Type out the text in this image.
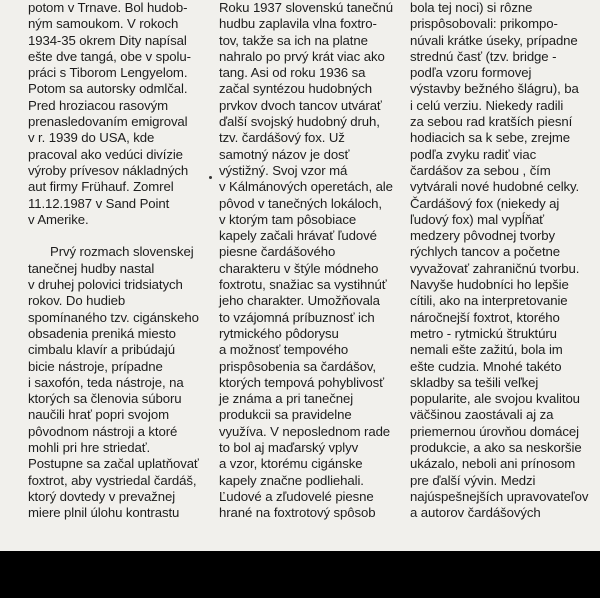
potom v Trnave. Bol hudob-

ným samoukom. V rokoch

1934-35 okrem Dity napísal

ešte dve tangá, obe v spolu-

práci s Tiborom Lengyelom.

Potom sa autorsky odmlčal.

Pred hroziacou rasovým

prenasledovaním emigroval

v r. 1939 do USA, kde

pracoval ako vedúci divízie

výroby prívesov nákladných

aut firmy Frühauf. Zomrel

11.12.1987 v Sand Point

v Amerike.

Prvý rozmach slovenskej

tanečnej hudby nastal

v druhej polovici tridsiatych

rokov. Do hudieb

spomínaného tzv. cigánskeho

obsadenia preniká miesto

cimbalu klavír a pribúdajú

bicie nástroje, prípadne

i saxofón, teda nástroje, na

ktorých sa členovia súboru

naučili hrať popri svojom

pôvodnom nástroji a ktoré

mohli pri hre striedať.

Postupne sa začal uplatňovať

foxtrot, aby vystriedal čardáš,

ktorý dovtedy v prevažnej

miere plnil úlohu kontrastu

Roku 1937 slovenskú tanečnú

hudbu zaplavila vlna foxtro-

tov, takže sa ich na platne

nahralo po prvý krát viac ako

tang. Asi od roku 1936 sa

začal syntézou hudobných

prvkov dvoch tancov utvárať

ďalší svojský hudobný druh,

tzv. čardášový fox. Už

samotný názov je dosť

výstižný. Svoj vzor má

v Kálmánových operetách, ale

pôvod v tanečných lokáloch,

v ktorým tam pôsobiace

kapely začali hrávať ľudové

piesne čardášového

charakteru v štýle módneho

foxtrotu, snažiac sa vystihnúť

jeho charakter. Umožňovala

to vzájomná príbuznosť ich

rytmického pôdorysu

a možnosť tempového

prispôsobenia sa čardášov,

ktorých tempová pohyblivosť

je známa a pri tanečnej

produkcii sa pravidelne

využíva. V neposlednom rade

to bol aj maďarský vplyv

a vzor, ktorému cigánske

kapely značne podliehali.

Ľudové a zľudovelé piesne

hrané na foxtrotový spôsob

bola tej noci) si rôzne

prispôsobovali: prikompo-

núvali krátke úseky, prípadne

strednú časť (tzv. bridge -

podľa vzoru formovej

výstavby bežného šlágru), ba

i celú verziu. Niekedy radili

za sebou rad kratších piesní

hodiacich sa k sebe, zrejme

podľa zvyku radiť viac

čardášov za sebou , čím

vytvárali nové hudobné celky.

Čardášový fox (niekedy aj

ľudový fox) mal vypĺňať

medzery pôvodnej tvorby

rýchlych tancov a početne

vyvažovať zahraničnú tvorbu.

Navyše hudobníci ho lepšie

cítili, ako na interpretovanie

náročnejší foxtrot, ktorého

metro - rytmickú štruktúru

nemali ešte zažitú, bola im

ešte cudzia. Mnohé takéto

skladby sa tešili veľkej

popularite, ale svojou kvalitou

väčšinou zaostávali aj za

priemernou úrovňou domácej

produkcie, a ako sa neskoršie

ukázalo, neboli ani prínosom

pre ďalší vývin. Medzi

najúspešnejších upravovateľov

a autorov čardášových
